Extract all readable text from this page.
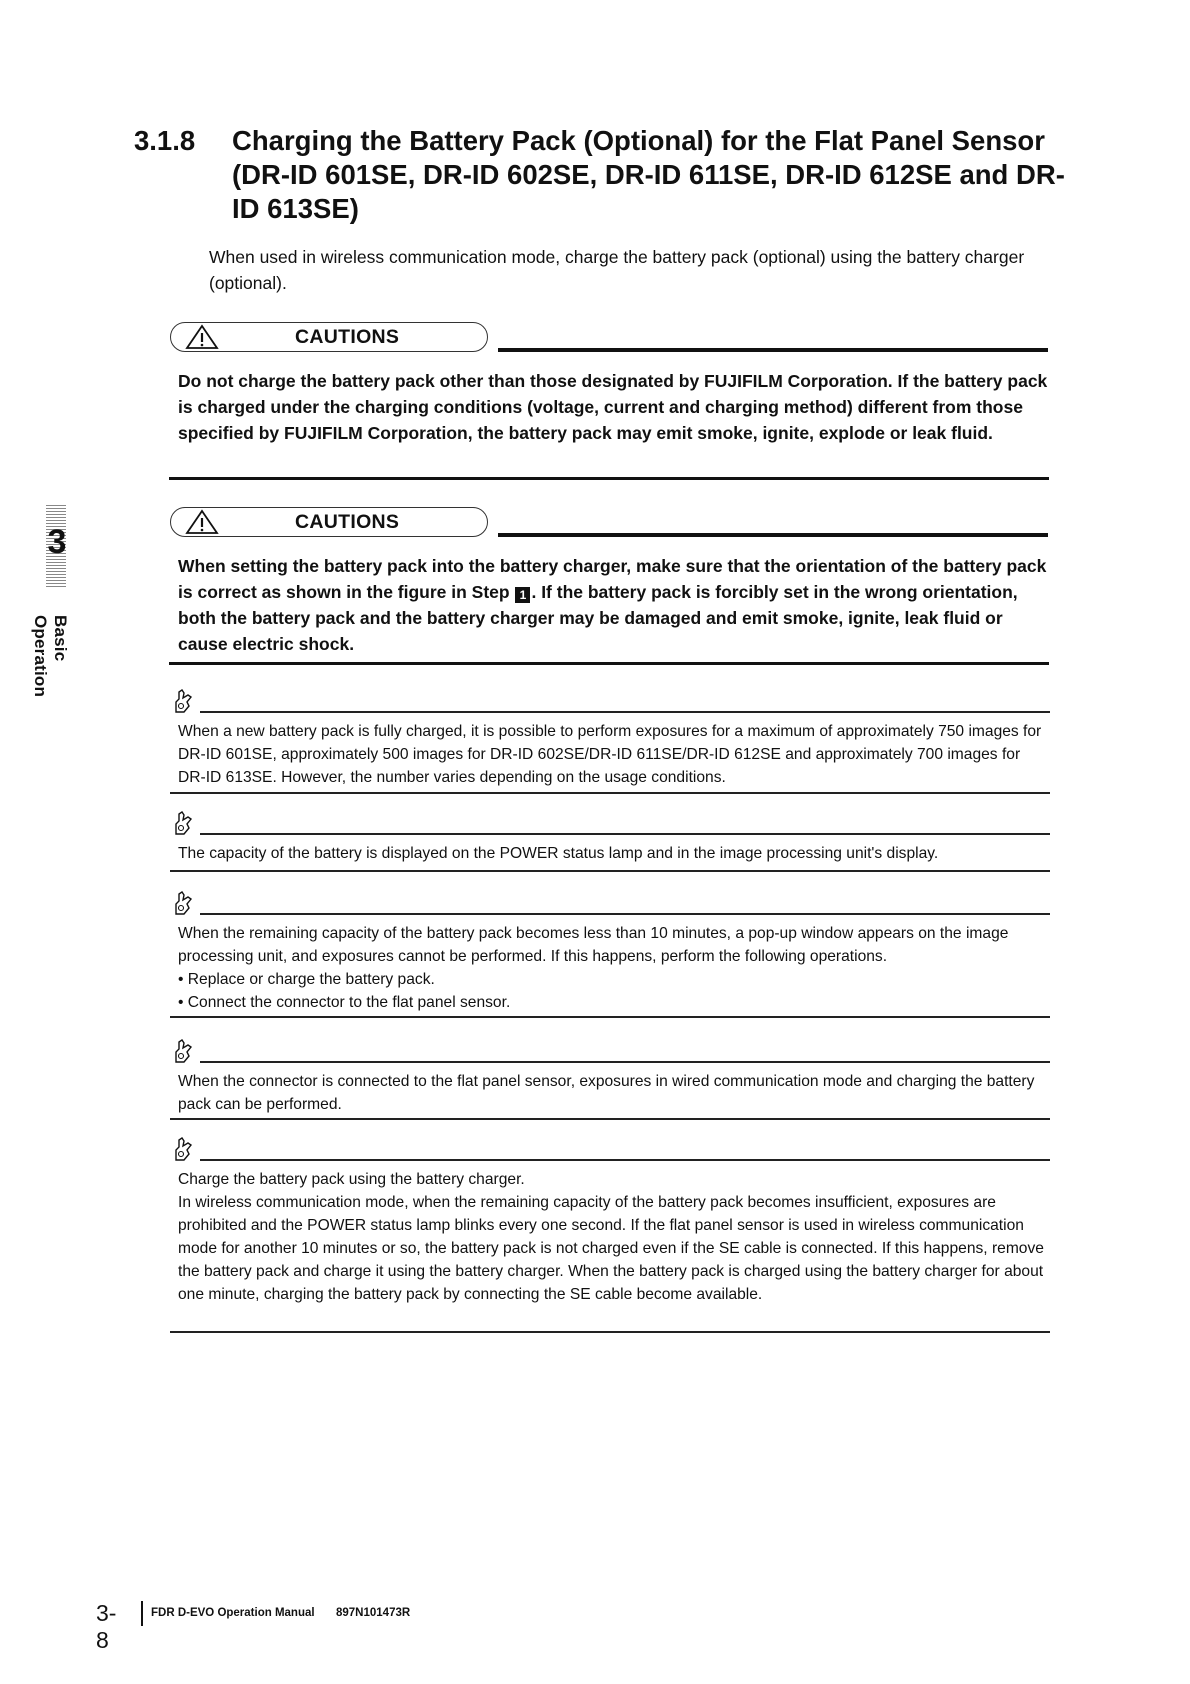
3.1.8 Charging the Battery Pack (Optional) for the Flat Panel Sensor (DR-ID 601SE, DR-ID 602SE, DR-ID 611SE, DR-ID 612SE and DR-ID 613SE)
When used in wireless communication mode, charge the battery pack (optional) using the battery charger (optional).
CAUTIONS
Do not charge the battery pack other than those designated by FUJIFILM Corporation. If the battery pack is charged under the charging conditions (voltage, current and charging method) different from those specified by FUJIFILM Corporation, the battery pack may emit smoke, ignite, explode or leak fluid.
CAUTIONS
When setting the battery pack into the battery charger, make sure that the orientation of the battery pack is correct as shown in the figure in Step 1 . If the battery pack is forcibly set in the wrong orientation, both the battery pack and the battery charger may be damaged and emit smoke, ignite, leak fluid or cause electric shock.

When a new battery pack is fully charged, it is possible to perform exposures for a maximum of approximately 750 images for DR-ID 601SE, approximately 500 images for DR-ID 602SE/DR-ID 611SE/DR-ID 612SE and approximately 700 images for DR-ID 613SE. However, the number varies depending on the usage conditions.

The capacity of the battery is displayed on the POWER status lamp and in the image processing unit's display.

When the remaining capacity of the battery pack becomes less than 10 minutes, a pop-up window appears on the image processing unit, and exposures cannot be performed. If this happens, perform the following operations.

• Replace or charge the battery pack.

• Connect the connector to the flat panel sensor.

When the connector is connected to the flat panel sensor, exposures in wired communication mode and charging the battery pack can be performed.

Charge the battery pack using the battery charger.

In wireless communication mode, when the remaining capacity of the battery pack becomes insufficient, exposures are prohibited and the POWER status lamp blinks every one second. If the flat panel sensor is used in wireless communication mode for another 10 minutes or so, the battery pack is not charged even if the SE cable is connected. If this happens, remove the battery pack and charge it using the battery charger. When the battery pack is charged using the battery charger for about one minute, charging the battery pack by connecting the SE cable become available.

3
Basic Operation
3-8
FDR D-EVO Operation Manual 897N101473R
